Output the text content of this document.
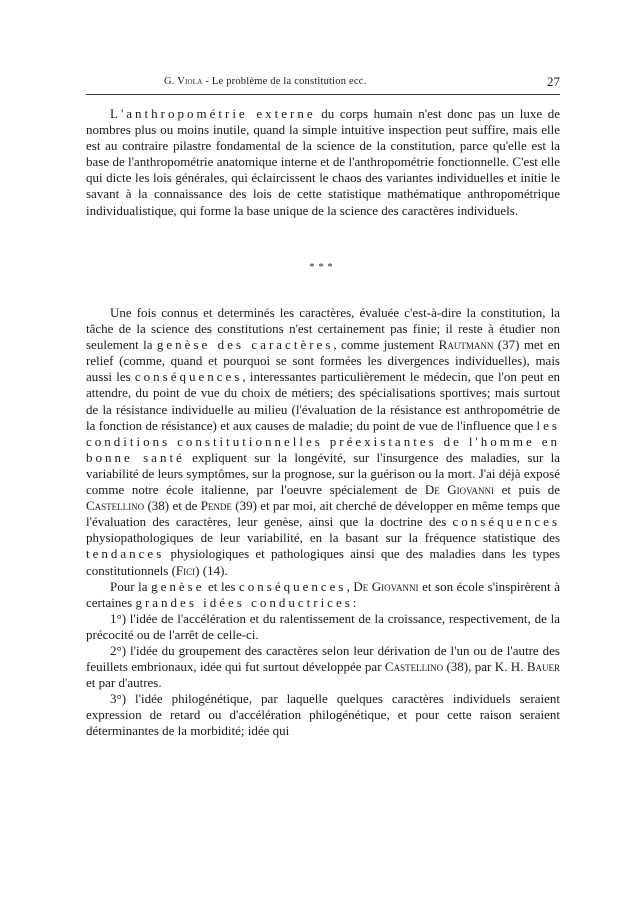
G. Viola - Le problème de la constitution ecc.	27

L'anthropométrie externe du corps humain n'est donc pas un luxe de nombres plus ou moins inutile, quand la simple intuitive inspection peut suffire, mais elle est au contraire pilastre fondamental de la science de la constitution, parce qu'elle est la base de l'anthropométrie anatomique interne et de l'anthropométrie fonctionnelle. C'est elle qui dicte les lois générales, qui éclaircissent le chaos des variantes individuelles et initie le savant à la connaissance des lois de cette statistique mathématique anthropométrique individualistique, qui forme la base unique de la science des caractères individuels.

***

Une fois connus et determinés les caractères, évaluée c'est-à-dire la constitution, la tâche de la science des constitutions n'est certainement pas finie; il reste à étudier non seulement la genèse des caractères, comme justement Rautmann (37) met en relief (comme, quand et pourquoi se sont formées les divergences individuelles), mais aussi les conséquences, interessantes particulièrement le médecin, que l'on peut en attendre, du point de vue du choix de métiers; des spécialisations sportives; mais surtout de la résistance individuelle au milieu (l'évaluation de la résistance est anthropométrie de la fonction de résistance) et aux causes de maladie; du point de vue de l'influence que les conditions constitutionnelles préexistantes de l'homme en bonne santé expliquent sur la longévité, sur l'insurgence des maladies, sur la variabilité de leurs symptômes, sur la prognose, sur la guérison ou la mort. J'ai déjà exposé comme notre école italienne, par l'oeuvre spécialement de De Giovanni et puis de Castellino (38) et de Pende (39) et par moi, ait cherché de développer en même temps que l'évaluation des caractères, leur genèse, ainsi que la doctrine des conséquences physiopathologiques de leur variabilité, en la basant sur la fréquence statistique des tendances physiologiques et pathologiques ainsi que des maladies dans les types constitutionnels (Fici) (14).

Pour la genèse et les conséquences, De Giovanni et son école s'inspirèrent à certaines grandes idées conductrices:

1°) l'idée de l'accélération et du ralentissement de la croissance, respectivement, de la précocité ou de l'arrêt de celle-ci.

2°) l'idée du groupement des caractères selon leur dérivation de l'un ou de l'autre des feuillets embrionaux, idée qui fut surtout développée par Castellino (38), par K. H. Bauer et par d'autres.

3°) l'idée philogénétique, par laquelle quelques caractères individuels seraient expression de retard ou d'accélération philogénétique, et pour cette raison seraient déterminantes de la morbidité; idée qui
